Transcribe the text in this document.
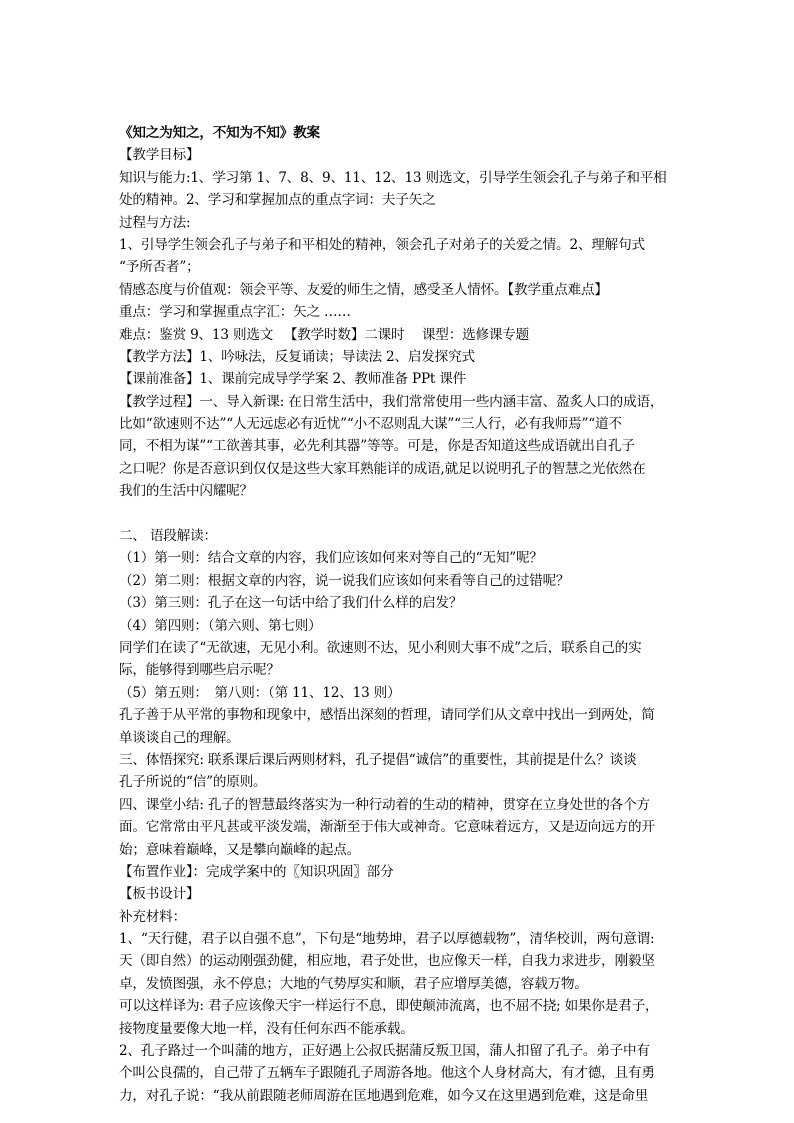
《知之为知之，不知为不知》教案
【教学目标】
知识与能力:1、学习第 1、7、8、9、11、12、13 则选文，引导学生领会孔子与弟子和平相
处的精神。2、学习和掌握加点的重点字词：夫子矢之
过程与方法:
1、引导学生领会孔子与弟子和平相处的精神，领会孔子对弟子的关爱之情。2、理解句式
“予所否者”；
情感态度与价值观：领会平等、友爱的师生之情，感受圣人情怀。【教学重点难点】
重点：学习和掌握重点字汇：矢之 ……
难点：鉴赏 9、13 则选文 　【教学时数】二课时　 课型：选修课专题
【教学方法】1、吟咏法，反复诵读；导读法 2、启发探究式
【课前准备】1、课前完成导学学案 2、教师准备 PPt 课件
【教学过程】一、导入新课: 在日常生活中，我们常常使用一些内涵丰富、盈炙人口的成语，
比如“欲速则不达”“人无远虑必有近忧”“小不忍则乱大谋”“三人行，必有我师焉”“道不
同，不相为谋”“工欲善其事，必先利其器”等等。可是，你是否知道这些成语就出自孔子
之口呢？你是否意识到仅仅是这些大家耳熟能详的成语,就足以说明孔子的智慧之光依然在
我们的生活中闪耀呢？
二、 语段解读：
（1）第一则：结合文章的内容，我们应该如何来对等自己的“无知”呢？
（2）第二则：根据文章的内容，说一说我们应该如何来看等自己的过错呢？
（3）第三则：孔子在这一句话中给了我们什么样的启发？
（4）第四则：（第六则、第七则）
同学们在读了“无欲速，无见小利。欲速则不达，见小利则大事不成”之后，联系自己的实
际，能够得到哪些启示呢？
（5）第五则：　第八则：（第 11、12、13 则）
孔子善于从平常的事物和现象中，感悟出深刻的哲理，请同学们从文章中找出一到两处，简
单谈谈自己的理解。
三、体悟探究: 联系课后课后两则材料，孔子提倡“诚信”的重要性，其前提是什么？谈谈
孔子所说的“信”的原则。
四、课堂小结: 孔子的智慧最终落实为一种行动着的生动的精神，贯穿在立身处世的各个方
面。它常常由平凡甚或平淡发端，渐渐至于伟大或神奇。它意味着远方，又是迈向远方的开
始；意味着巅峰，又是攀向巅峰的起点。
【布置作业】：完成学案中的〖知识巩固〗部分
【板书设计】
补充材料：
1、“天行健，君子以自强不息”，下句是“地势坤，君子以厚德载物”，清华校训，两句意谓:
天（即自然）的运动刚强劲健，相应地，君子处世，也应像天一样，自我力求进步，刚毅坚
卓，发愤图强，永不停息；大地的气势厚实和顺，君子应增厚美德，容载万物。
可以这样译为: 君子应该像天宇一样运行不息，即使颠沛流离，也不屈不挠; 如果你是君子，
接物度量要像大地一样，没有任何东西不能承载。
2、孔子路过一个叫蒲的地方，正好遇上公叔氏据蒲反叛卫国，蒲人扣留了孔子。弟子中有
个叫公良孺的，自己带了五辆车子跟随孔子周游各地。他这个人身材高大，有才德，且有勇
力，对孔子说：“我从前跟随老师周游在匡地遇到危难，如今又在这里遇到危难，这是命里
